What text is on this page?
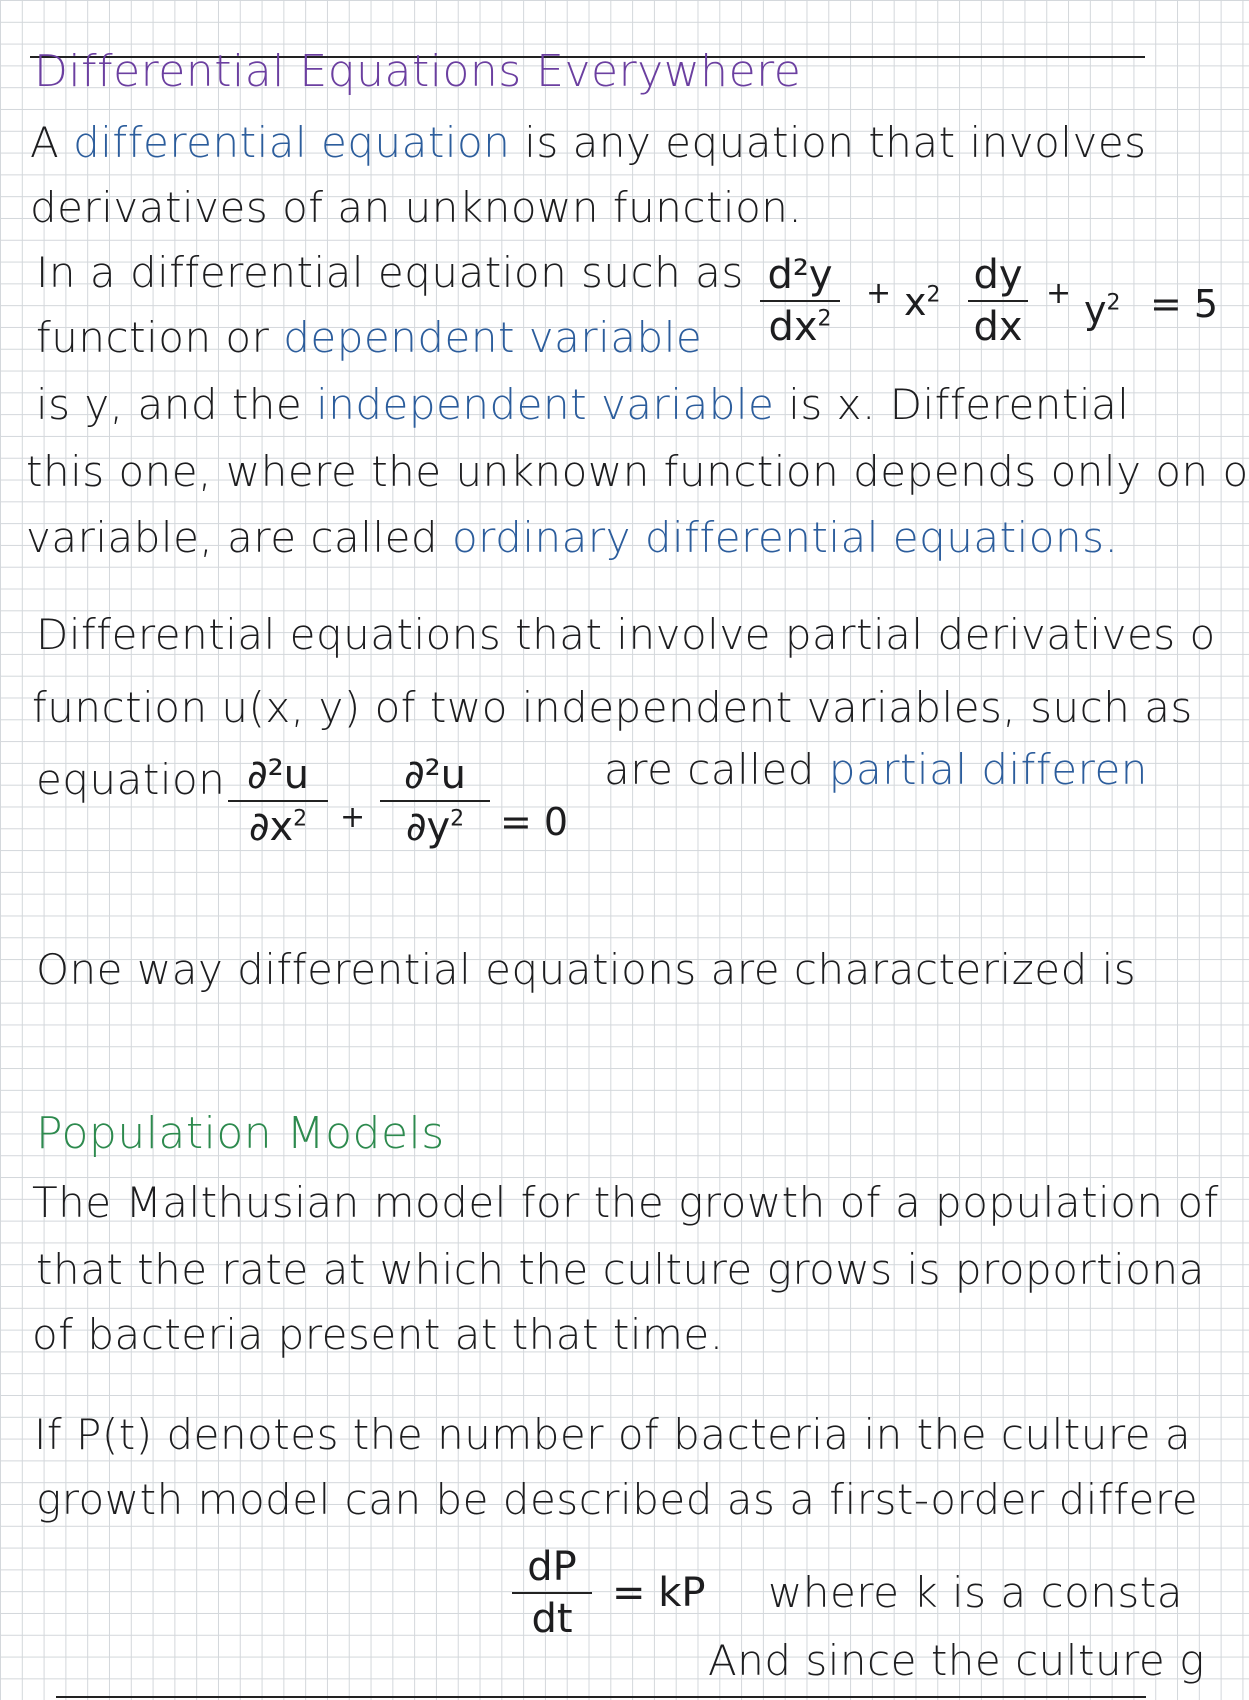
Differential Equations Everywhere
A differential equation is any equation that involves
derivatives of an unknown function.
In a differential equation such as
function or dependent variable
is y, and the independent variable is x. Differential
this one, where the unknown function depends only on o
variable, are called ordinary differential equations.
d²y
$dx^2$
+ $x^2$ dy
dx
+ $y^2 = 5$
Differential equations that involve partial derivatives o
function u(x, y) of two independent variables, such as
equation	are called partial differen
∂²u
$\partial x^2$	+
∂²u
$\partial y^2 = 0$
One way differential equations are characterized is
Population Models
The Malthusian model for the growth of a population of
that the rate at which the culture grows is proportiona
of bacteria present at that time.
If P(t) denotes the number of bacteria in the culture a
growth model can be described as a first-order differe
dP
dt
= kP where k is a consta
And since the culture g
